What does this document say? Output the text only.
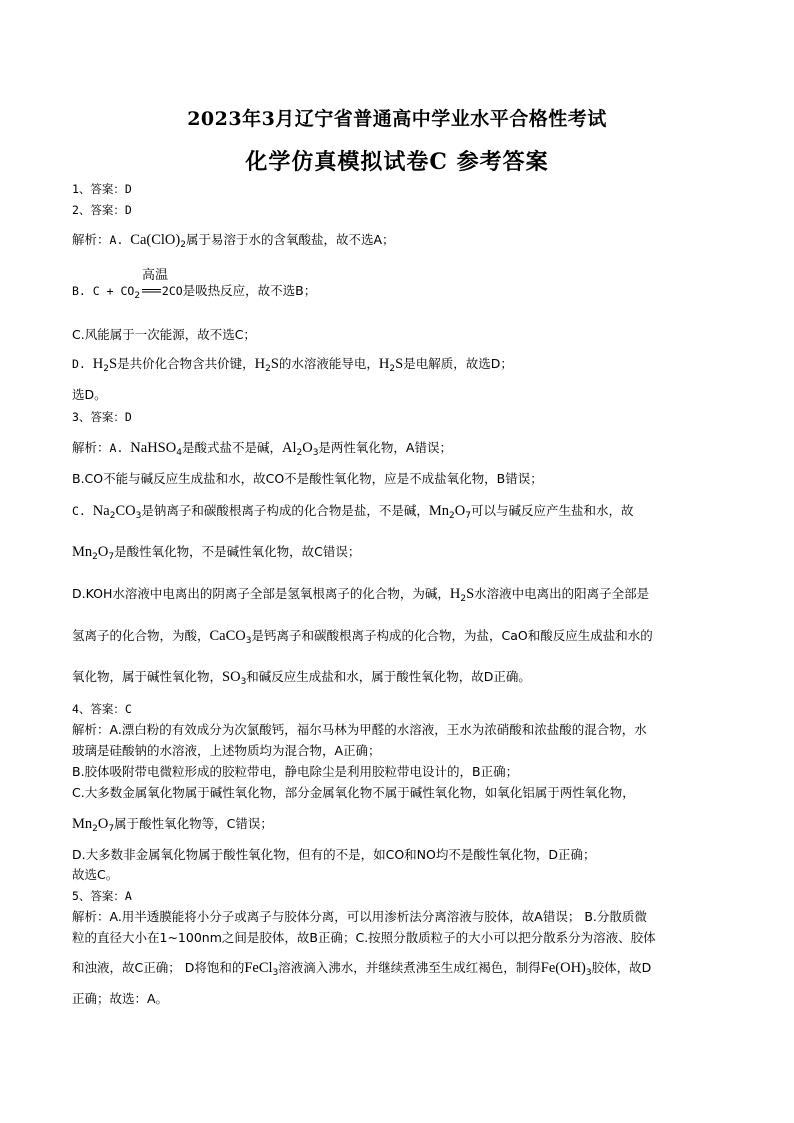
2023年3月辽宁省普通高中学业水平合格性考试
化学仿真模拟试卷C 参考答案
1、答案：D
2、答案：D
解析：A. $Ca(ClO)_2$属于易溶于水的含氧酸盐，故不选A；
B. $C + CO_2$
高温
══ 2CO是吸热反应，故不选B；
C.风能属于一次能源，故不选C；
D. $H_2S$是共价化合物含共价键，$H_2S$的水溶液能导电，$H_2S$是电解质，故选D；
选D。
3、答案：D
解析：A. NaHSO$_4$是酸式盐不是碱，$Al_2O_3$是两性氧化物，A错误；
B.CO不能与碱反应生成盐和水，故CO不是酸性氧化物，应是不成盐氧化物，B错误；
C. $Na_2CO_3$是钠离子和碳酸根离子构成的化合物是盐，不是碱，$Mn_2O_7$可以与碱反应产生盐和水，故
$Mn_2O_7$是酸性氧化物，不是碱性氧化物，故C错误；
D.KOH水溶液中电离出的阴离子全部是氢氧根离子的化合物，为碱，$H_2S$水溶液中电离出的阳离子全部是
氢离子的化合物，为酸，CaCO$_3$是钙离子和碳酸根离子构成的化合物，为盐，CaO和酸反应生成盐和水的
氧化物，属于碱性氧化物，$SO_3$和碱反应生成盐和水，属于酸性氧化物，故D正确。
4、答案：C
解析：A.漂白粉的有效成分为次氯酸钙，福尔马林为甲醛的水溶液，王水为浓硝酸和浓盐酸的混合物，水
玻璃是硅酸钠的水溶液，上述物质均为混合物，A正确；
B.胶体吸附带电微粒形成的胶粒带电，静电除尘是利用胶粒带电设计的，B正确；
C.大多数金属氧化物属于碱性氧化物，部分金属氧化物不属于碱性氧化物，如氧化铝属于两性氧化物，
$Mn_2O_7$属于酸性氧化物等，C错误；
D.大多数非金属氧化物属于酸性氧化物，但有的不是，如CO和NO均不是酸性氧化物，D正确；
故选C。
5、答案：A
解析：A.用半透膜能将小分子或离子与胶体分离，可以用渗析法分离溶液与胶体，故A错误； B.分散质微
粒的直径大小在1~100nm之间是胶体，故B正确；C.按照分散质粒子的大小可以把分散系分为溶液、胶体
和浊液，故C正确； D将饱和的FeCl$_3$溶液滴入沸水，并继续煮沸至生成红褐色，制得$Fe(OH)_3$胶体，故D
正确；故选：A。
